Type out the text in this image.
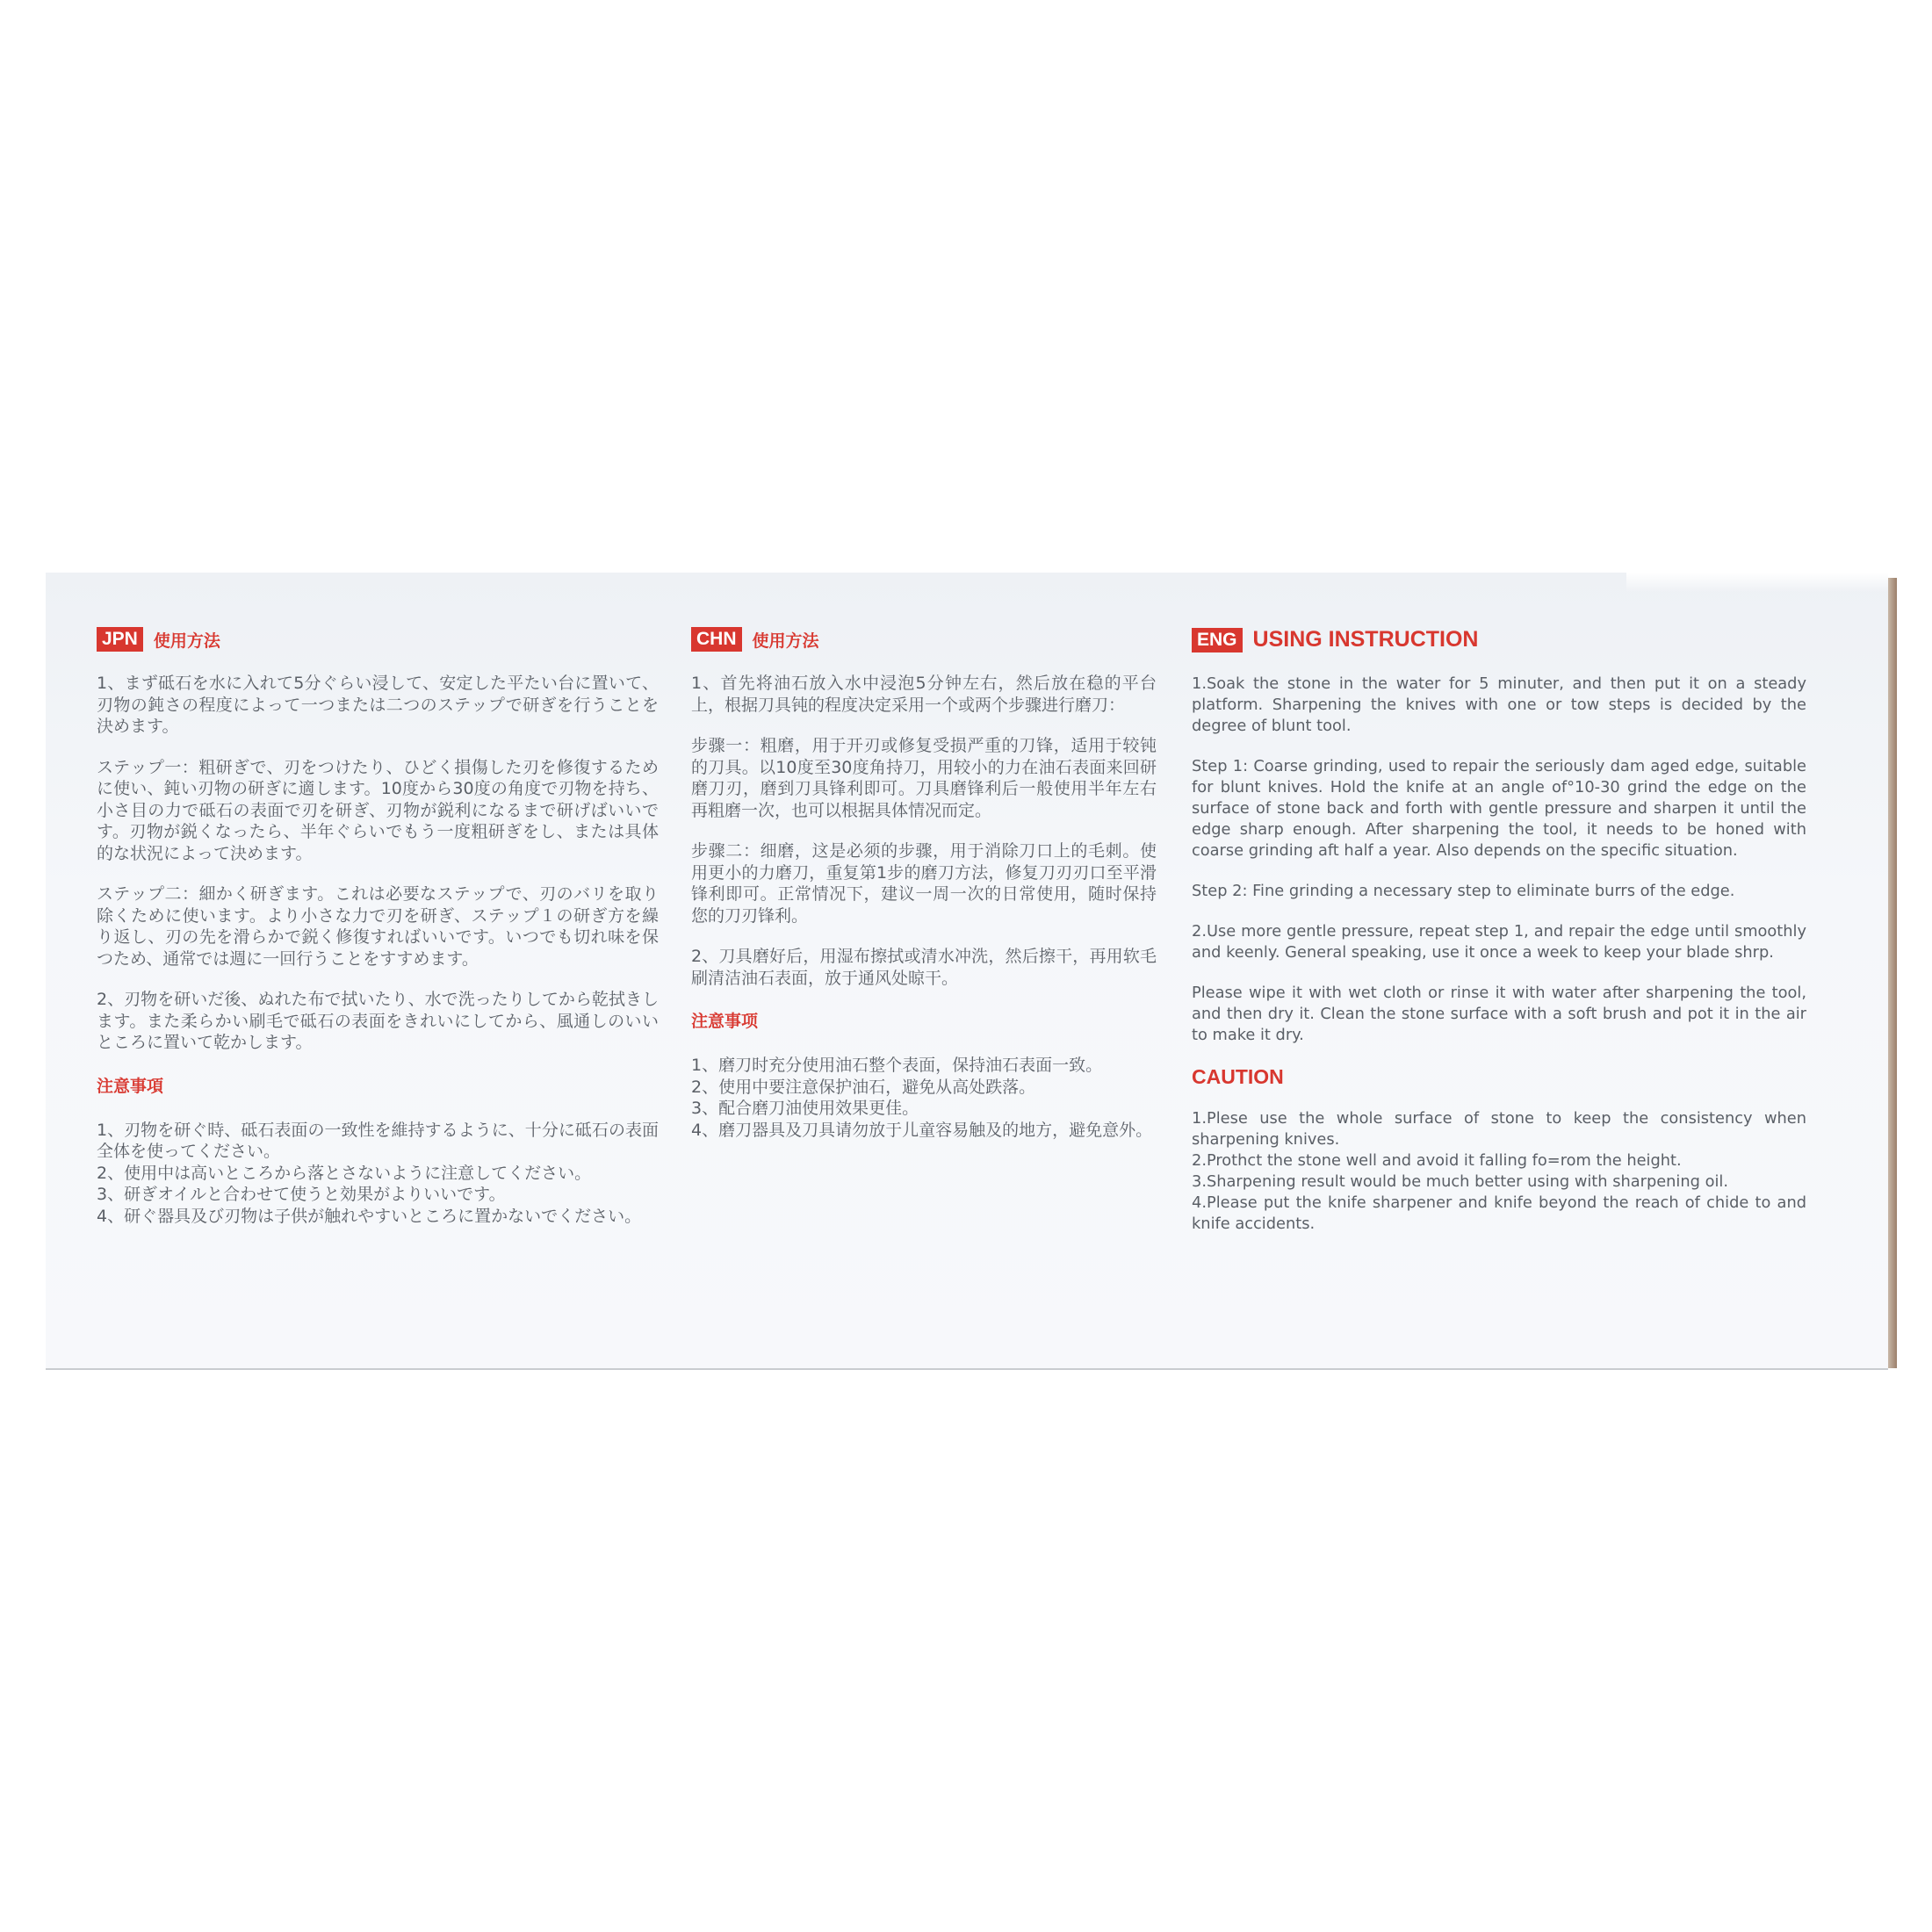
JPN 使用方法

1、まず砥石を水に入れて5分ぐらい浸して、安定した平たい台に置いて、刃物の鈍さの程度によって一つまたは二つのステップで研ぎを行うことを決めます。

ステップ一：粗研ぎで、刃をつけたり、ひどく損傷した刃を修復するために使い、鈍い刃物の研ぎに適します。10度から30度の角度で刃物を持ち、小さ目の力で砥石の表面で刃を研ぎ、刃物が鋭利になるまで研げばいいです。刃物が鋭くなったら、半年ぐらいでもう一度粗研ぎをし、または具体的な状況によって決めます。

ステップ二：細かく研ぎます。これは必要なステップで、刃のバリを取り除くために使います。より小さな力で刃を研ぎ、ステップ１の研ぎ方を繰り返し、刃の先を滑らかで鋭く修復すればいいです。いつでも切れ味を保つため、通常では週に一回行うことをすすめます。

2、刃物を研いだ後、ぬれた布で拭いたり、水で洗ったりしてから乾拭きします。また柔らかい刷毛で砥石の表面をきれいにしてから、風通しのいいところに置いて乾かします。

注意事項

1、刃物を研ぐ時、砥石表面の一致性を維持するように、十分に砥石の表面全体を使ってください。

2、使用中は高いところから落とさないように注意してください。

3、研ぎオイルと合わせて使うと効果がよりいいです。

4、研ぐ器具及び刃物は子供が触れやすいところに置かないでください。

CHN 使用方法

1、首先将油石放入水中浸泡5分钟左右，然后放在稳的平台上，根据刀具钝的程度决定采用一个或两个步骤进行磨刀：

步骤一：粗磨，用于开刃或修复受损严重的刀锋，适用于较钝的刀具。以10度至30度角持刀，用较小的力在油石表面来回研磨刀刃，磨到刀具锋利即可。刀具磨锋利后一般使用半年左右再粗磨一次，也可以根据具体情况而定。

步骤二：细磨，这是必须的步骤，用于消除刀口上的毛刺。使用更小的力磨刀，重复第1步的磨刀方法，修复刀刃刃口至平滑锋利即可。正常情况下，建议一周一次的日常使用，随时保持您的刀刃锋利。

2、刀具磨好后，用湿布擦拭或清水冲洗，然后擦干，再用软毛刷清洁油石表面，放于通风处晾干。

注意事项

1、磨刀时充分使用油石整个表面，保持油石表面一致。

2、使用中要注意保护油石，避免从高处跌落。

3、配合磨刀油使用效果更佳。

4、磨刀器具及刀具请勿放于儿童容易触及的地方，避免意外。

ENG USING INSTRUCTION

1.Soak the stone in the water for 5 minuter, and then put it on a steady platform. Sharpening the knives with one or tow steps is decided by the degree of blunt tool.

Step 1: Coarse grinding, used to repair the seriously dam aged edge, suitable for blunt knives. Hold the knife at an angle of°10-30 grind the edge on the surface of stone back and forth with gentle pressure and sharpen it until the edge sharp enough. After sharpening the tool, it needs to be honed with coarse grinding aft half a year. Also depends on the specific situation.

Step 2: Fine grinding a necessary step to eliminate burrs of the edge.

2.Use more gentle pressure, repeat step 1, and repair the edge until smoothly and keenly. General speaking, use it once a week to keep your blade shrp.

Please wipe it with wet cloth or rinse it with water after sharpening the tool, and then dry it. Clean the stone surface with a soft brush and pot it in the air to make it dry.

CAUTION

1.Plese use the whole surface of stone to keep the consistency when sharpening knives.

2.Prothct the stone well and avoid it falling fo=rom the height.

3.Sharpening result would be much better using with sharpening oil.

4.Please put the knife sharpener and knife beyond the reach of chide to and knife accidents.
